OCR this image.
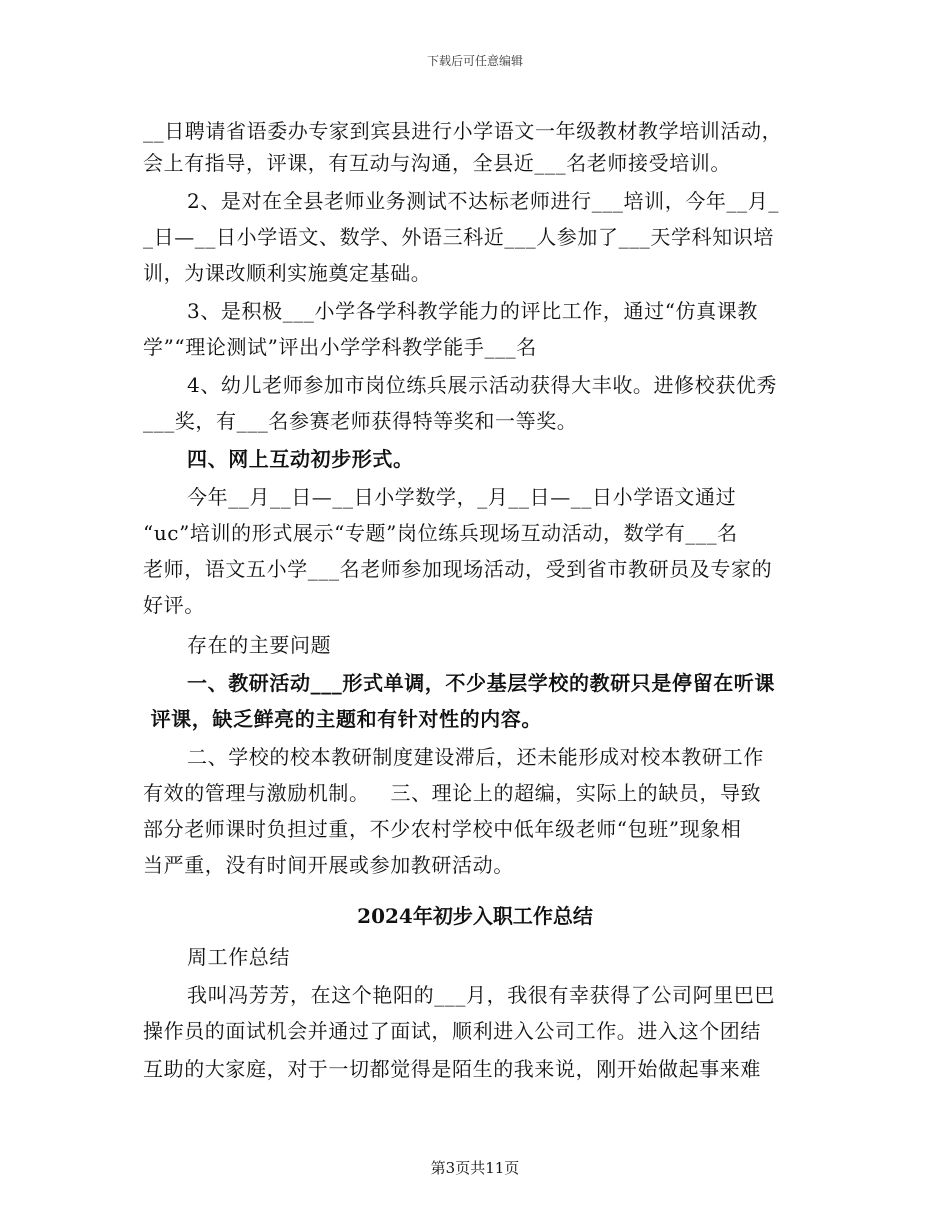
下载后可任意编辑
__日聘请省语委办专家到宾县进行小学语文一年级教材教学培训活动，
会上有指导，评课，有互动与沟通，全县近___名老师接受培训。
2、是对在全县老师业务测试不达标老师进行___培训，今年__月_
_日—__日小学语文、数学、外语三科近___人参加了___天学科知识培
训，为课改顺利实施奠定基础。
3、是积极___小学各学科教学能力的评比工作，通过“仿真课教
学”“理论测试”评出小学学科教学能手___名
4、幼儿老师参加市岗位练兵展示活动获得大丰收。进修校获优秀
___奖，有___名参赛老师获得特等奖和一等奖。
四、网上互动初步形式。
今年__月__日—__日小学数学，_月__日—__日小学语文通过
“uc”培训的形式展示“专题”岗位练兵现场互动活动，数学有___名
老师，语文五小学___名老师参加现场活动，受到省市教研员及专家的
好评。
存在的主要问题
一、教研活动___形式单调，不少基层学校的教研只是停留在听课
评课，缺乏鲜亮的主题和有针对性的内容。
二、学校的校本教研制度建设滞后，还未能形成对校本教研工作
有效的管理与激励机制。   三、理论上的超编，实际上的缺员，导致
部分老师课时负担过重，不少农村学校中低年级老师“包班”现象相
当严重，没有时间开展或参加教研活动。
2024年初步入职工作总结
周工作总结
我叫冯芳芳，在这个艳阳的___月，我很有幸获得了公司阿里巴巴
操作员的面试机会并通过了面试，顺利进入公司工作。进入这个团结
互助的大家庭，对于一切都觉得是陌生的我来说，刚开始做起事来难
第3页共11页
